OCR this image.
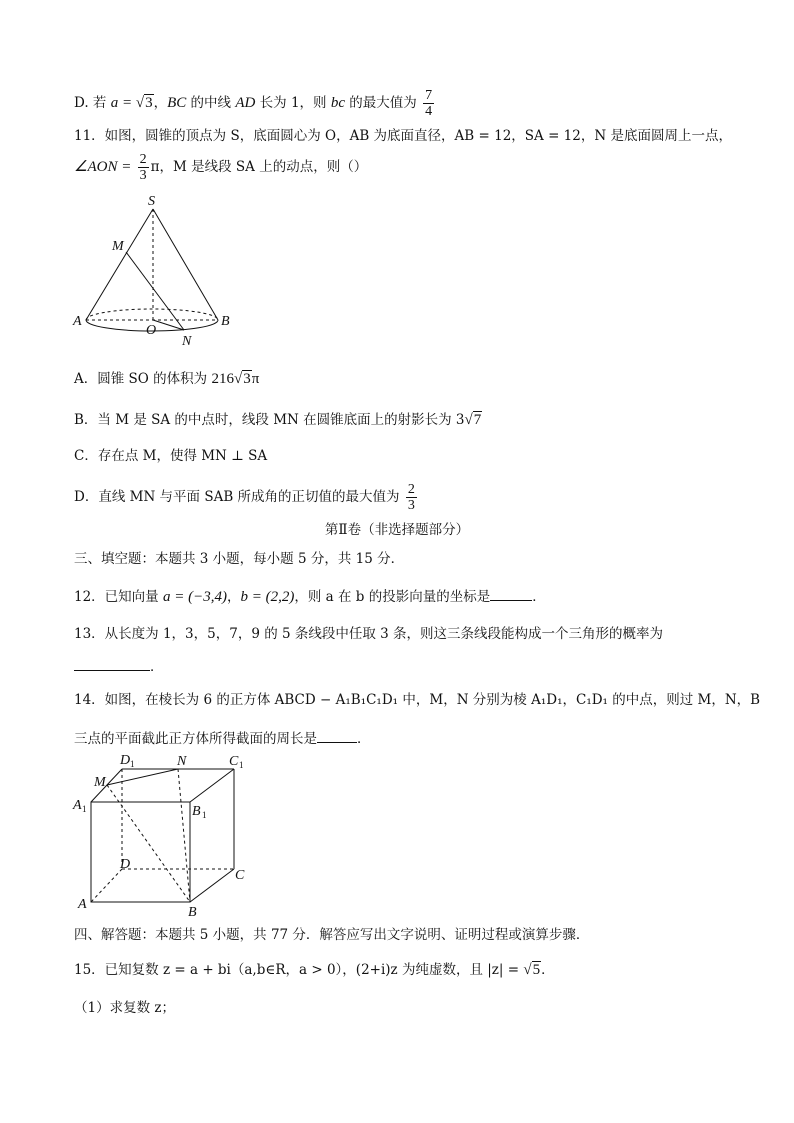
D. 若 a = √3，BC 的中线 AD 长为 1，则 bc 的最大值为 $\frac{7}{4}$
11．如图，圆锥的顶点为 S，底面圆心为 O，AB 为底面直径，AB = 12，SA = 12，N 是底面圆周上一点，
∠AON = $\frac{2}{3}$ π，M 是线段 SA 上的动点，则（）
S
M
A
O
N
B
A．圆锥 SO 的体积为 216√3π
B．当 M 是 SA 的中点时，线段 MN 在圆锥底面上的射影长为 3√7
C．存在点 M，使得 MN ⊥ SA
D．直线 MN 与平面 SAB 所成角的正切值的最大值为 $\frac{2}{3}$
第Ⅱ卷（非选择题部分）
三、填空题：本题共 3 小题，每小题 5 分，共 15 分．
12．已知向量 a = (−3,4)，b = (2,2)，则 a 在 b 的投影向量的坐标是	．
13．从长度为 1，3，5，7，9 的 5 条线段中任取 3 条，则这三条线段能构成一个三角形的概率为
．
14．如图，在棱长为 6 的正方体 ABCD − A₁B₁C₁D₁ 中，M，N 分别为棱 A₁D₁，C₁D₁ 的中点，则过 M，N，B
三点的平面截此正方体所得截面的周长是	．
D 1	N	C 1
M
A 1	B 1
D
C
A
B
四、解答题：本题共 5 小题，共 77 分．解答应写出文字说明、证明过程或演算步骤．
15．已知复数 z = a + bi（a,b∈R，a > 0），(2+i)z 为纯虚数，且 |z| = √5．
（1）求复数 z；
